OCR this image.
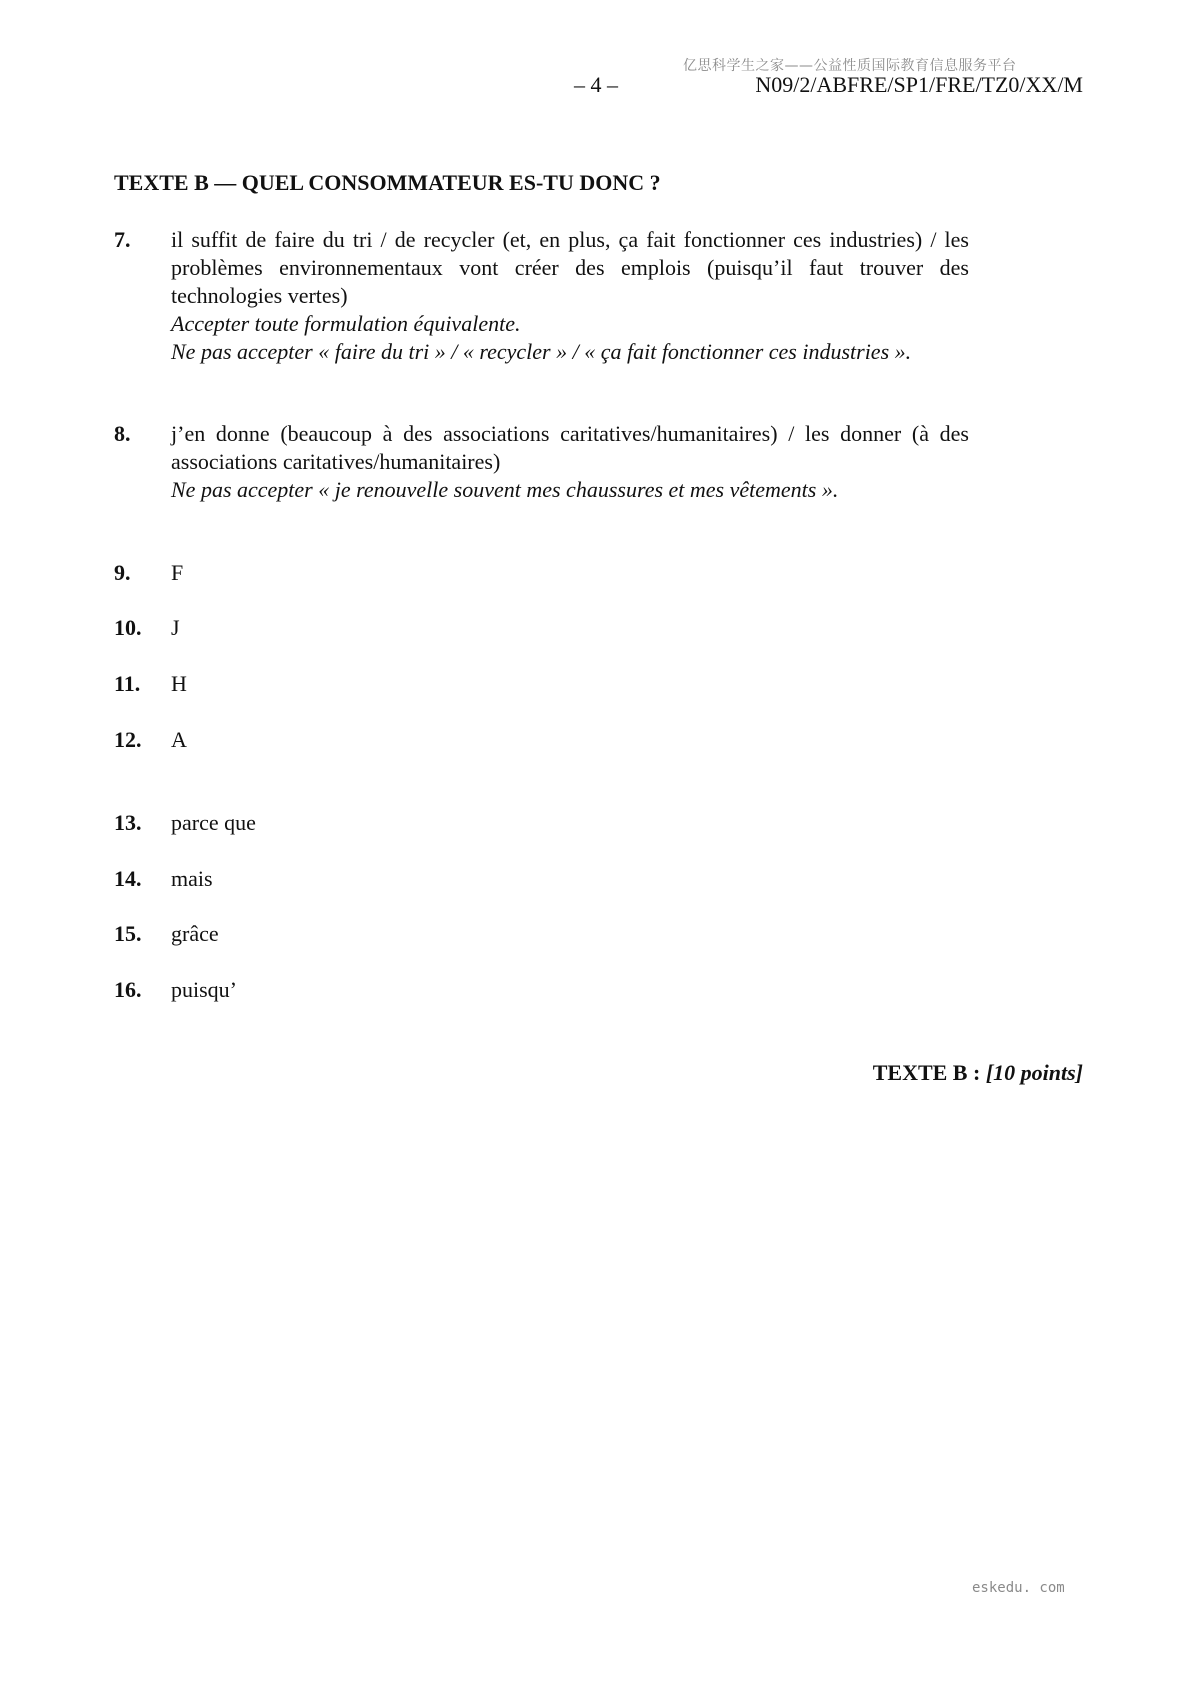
亿思科学生之家——公益性质国际教育信息服务平台
– 4 –	N09/2/ABFRE/SP1/FRE/TZ0/XX/M
TEXTE B — QUEL CONSOMMATEUR ES-TU DONC ?
7. il suffit de faire du tri / de recycler (et, en plus, ça fait fonctionner ces industries) / les problèmes environnementaux vont créer des emplois (puisqu’il faut trouver des technologies vertes)
Accepter toute formulation équivalente.
Ne pas accepter « faire du tri » / « recycler » / « ça fait fonctionner ces industries ».
8. j’en donne (beaucoup à des associations caritatives/humanitaires) / les donner (à des associations caritatives/humanitaires)
Ne pas accepter « je renouvelle souvent mes chaussures et mes vêtements ».
9. F
10. J
11. H
12. A
13. parce que
14. mais
15. grâce
16. puisqu’
TEXTE B : [10 points]
eskedu. com
